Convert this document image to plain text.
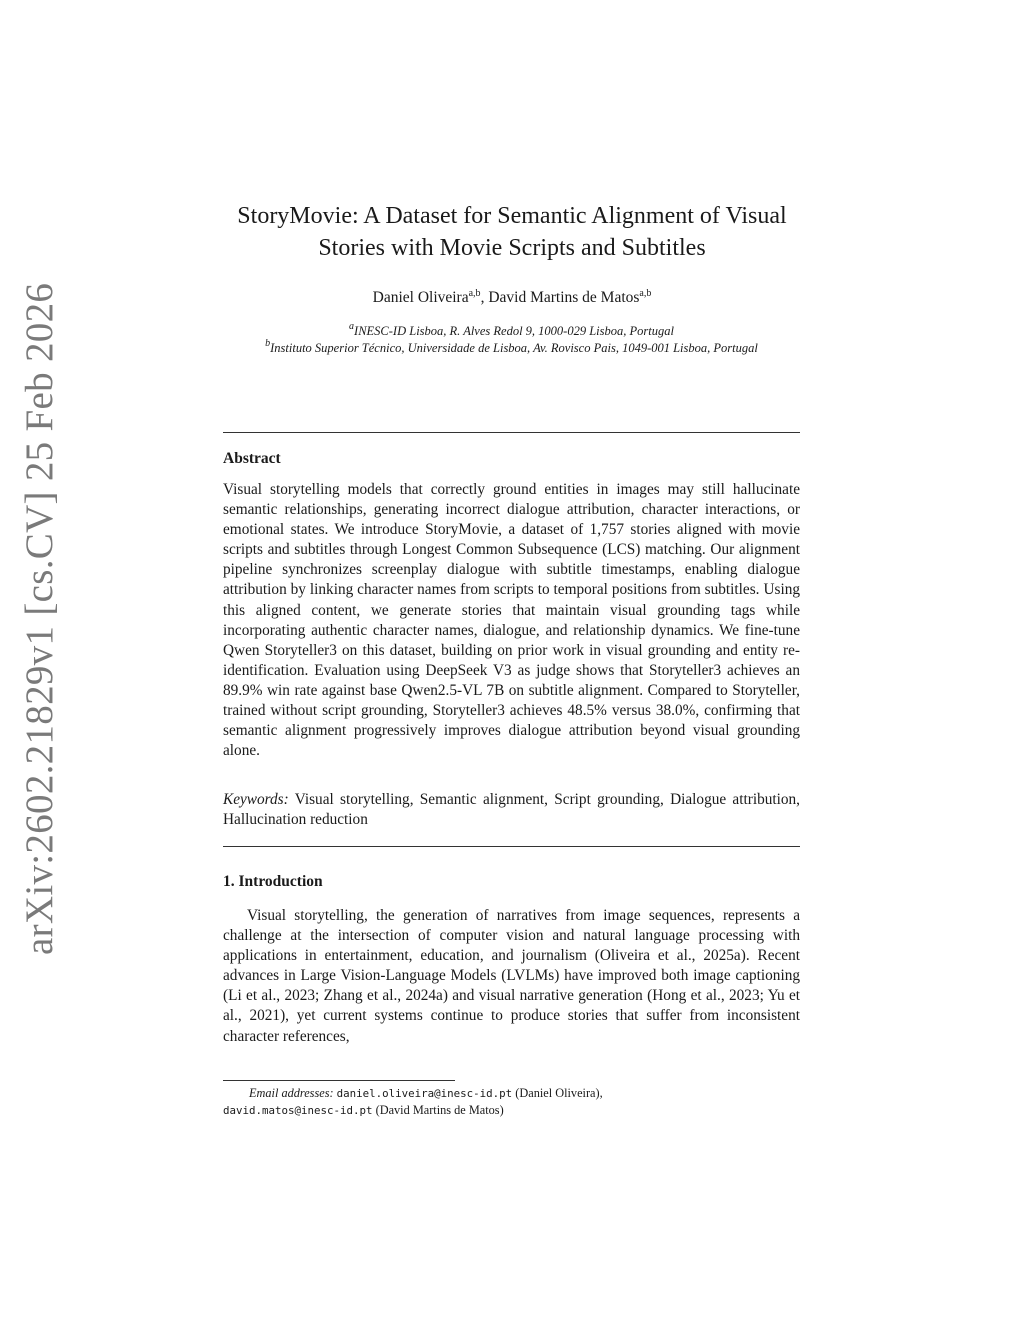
arXiv:2602.21829v1 [cs.CV] 25 Feb 2026
StoryMovie: A Dataset for Semantic Alignment of Visual
Stories with Movie Scripts and Subtitles
Daniel Oliveira$^{a,b}$, David Martins de Matos$^{a,b}$
$^a$INESC-ID Lisboa, R. Alves Redol 9, 1000-029 Lisboa, Portugal
$^b$Instituto Superior Técnico, Universidade de Lisboa, Av. Rovisco Pais, 1049-001 Lisboa, Portugal
Abstract
Visual storytelling models that correctly ground entities in images may still hallucinate semantic relationships, generating incorrect dialogue attribution, character interactions, or emotional states. We introduce StoryMovie, a dataset of 1,757 stories aligned with movie scripts and subtitles through Longest Common Subsequence (LCS) matching. Our alignment pipeline synchronizes screenplay dialogue with subtitle timestamps, enabling dialogue attribution by linking character names from scripts to temporal positions from subtitles. Using this aligned content, we generate stories that maintain visual grounding tags while incorporating authentic character names, dialogue, and relationship dynamics. We fine-tune Qwen Storyteller3 on this dataset, building on prior work in visual grounding and entity re-identification. Evaluation using DeepSeek V3 as judge shows that Storyteller3 achieves an 89.9% win rate against base Qwen2.5-VL 7B on subtitle alignment. Compared to Storyteller, trained without script grounding, Storyteller3 achieves 48.5% versus 38.0%, confirming that semantic alignment progressively improves dialogue attribution beyond visual grounding alone.
Keywords: Visual storytelling, Semantic alignment, Script grounding, Dialogue attribution, Hallucination reduction
1. Introduction
Visual storytelling, the generation of narratives from image sequences, represents a challenge at the intersection of computer vision and natural language processing with applications in entertainment, education, and journalism (Oliveira et al., 2025a). Recent advances in Large Vision-Language Models (LVLMs) have improved both image captioning (Li et al., 2023; Zhang et al., 2024a) and visual narrative generation (Hong et al., 2023; Yu et al., 2021), yet current systems continue to produce stories that suffer from inconsistent character references,
Email addresses: daniel.oliveira@inesc-id.pt (Daniel Oliveira),
david.matos@inesc-id.pt (David Martins de Matos)
